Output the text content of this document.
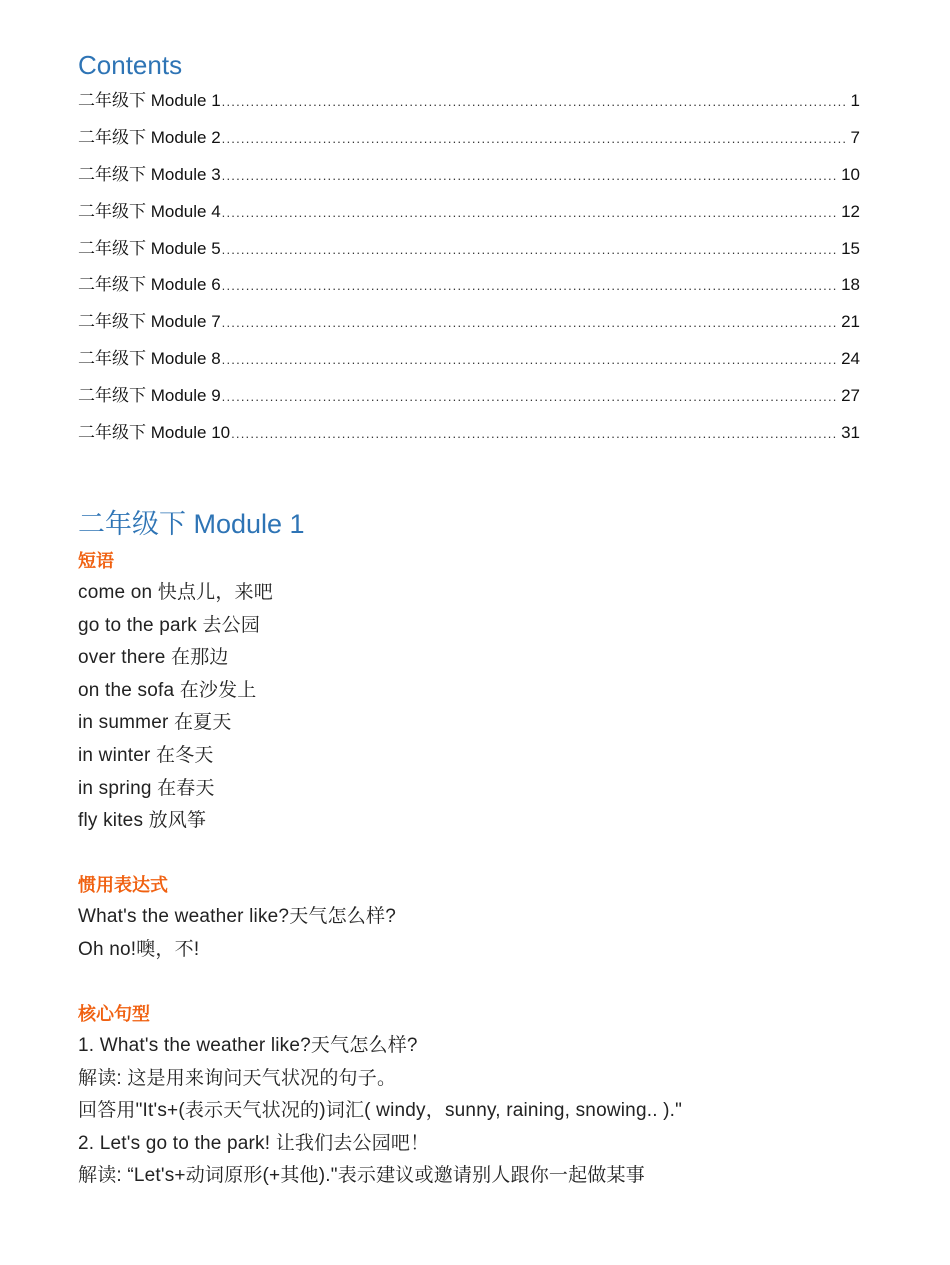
Contents
二年级下 Module 1 .....	1
二年级下 Module 2 .....	7
二年级下 Module 3 .....	10
二年级下 Module 4 .....	12
二年级下 Module 5 .....	15
二年级下 Module 6 .....	18
二年级下 Module 7 .....	21
二年级下 Module 8 .....	24
二年级下 Module 9 .....	27
二年级下 Module 10 .....	31
二年级下 Module 1
短语
come on 快点儿，来吧
go to the park 去公园
over there 在那边
on the sofa 在沙发上
in summer 在夏天
in winter 在冬天
in spring 在春天
fly kites 放风筝
惯用表达式
What's the weather like?天气怎么样?
Oh no!噢，不!
核心句型
1. What's the weather like?天气怎么样?
解读: 这是用来询问天气状况的句子。
回答用"It's+(表示天气状况的)词汇( windy，sunny, raining, snowing.. )."
2. Let's go to the park! 让我们去公园吧！
解读: “Let's+动词原形(+其他)."表示建议或邀请别人跟你一起做某事
